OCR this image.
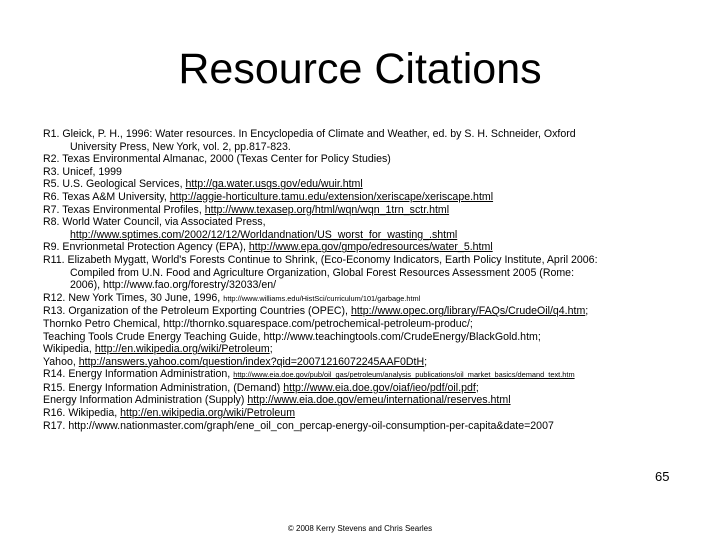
Resource Citations
R1. Gleick, P. H., 1996: Water resources. In Encyclopedia of Climate and Weather, ed. by S. H. Schneider, Oxford
University Press, New York, vol. 2, pp.817-823.
R2. Texas Environmental Almanac, 2000 (Texas Center for Policy Studies)
R3. Unicef, 1999
R5. U.S. Geological Services, http://ga.water.usgs.gov/edu/wuir.html
R6. Texas A&M University, http://aggie-horticulture.tamu.edu/extension/xeriscape/xeriscape.html
R7. Texas Environmental Profiles, http://www.texasep.org/html/wqn/wqn_1trn_sctr.html
R8. World Water Council, via Associated Press,
http://www.sptimes.com/2002/12/12/Worldandnation/US_worst_for_wasting_.shtml
R9. Envrionmetal Protection Agency (EPA), http://www.epa.gov/gmpo/edresources/water_5.html
R11. Elizabeth Mygatt, World's Forests Continue to Shrink, (Eco-Economy Indicators, Earth Policy Institute, April 2006:
Compiled from U.N. Food and Agriculture Organization, Global Forest Resources Assessment 2005 (Rome:
2006), http://www.fao.org/forestry/32033/en/
R12. New York Times, 30 June, 1996, http://www.williams.edu/HistSci/curriculum/101/garbage.html
R13. Organization of the Petroleum Exporting Countries (OPEC), http://www.opec.org/library/FAQs/CrudeOil/q4.htm;
Thornko Petro Chemical, http://thornko.squarespace.com/petrochemical-petroleum-produc/;
Teaching Tools Crude Energy Teaching Guide, http://www.teachingtools.com/CrudeEnergy/BlackGold.htm;
Wikipedia, http://en.wikipedia.org/wiki/Petroleum;
Yahoo, http://answers.yahoo.com/question/index?qid=20071216072245AAF0DtH;
R14. Energy Information Administration, http://www.eia.doe.gov/pub/oil_gas/petroleum/analysis_publications/oil_market_basics/demand_text.htm
R15. Energy Information Administration, (Demand) http://www.eia.doe.gov/oiaf/ieo/pdf/oil.pdf;
Energy Information Administration (Supply) http://www.eia.doe.gov/emeu/international/reserves.html
R16. Wikipedia, http://en.wikipedia.org/wiki/Petroleum
R17. http://www.nationmaster.com/graph/ene_oil_con_percap-energy-oil-consumption-per-capita&date=2007
65
© 2008 Kerry Stevens and Chris Searles
